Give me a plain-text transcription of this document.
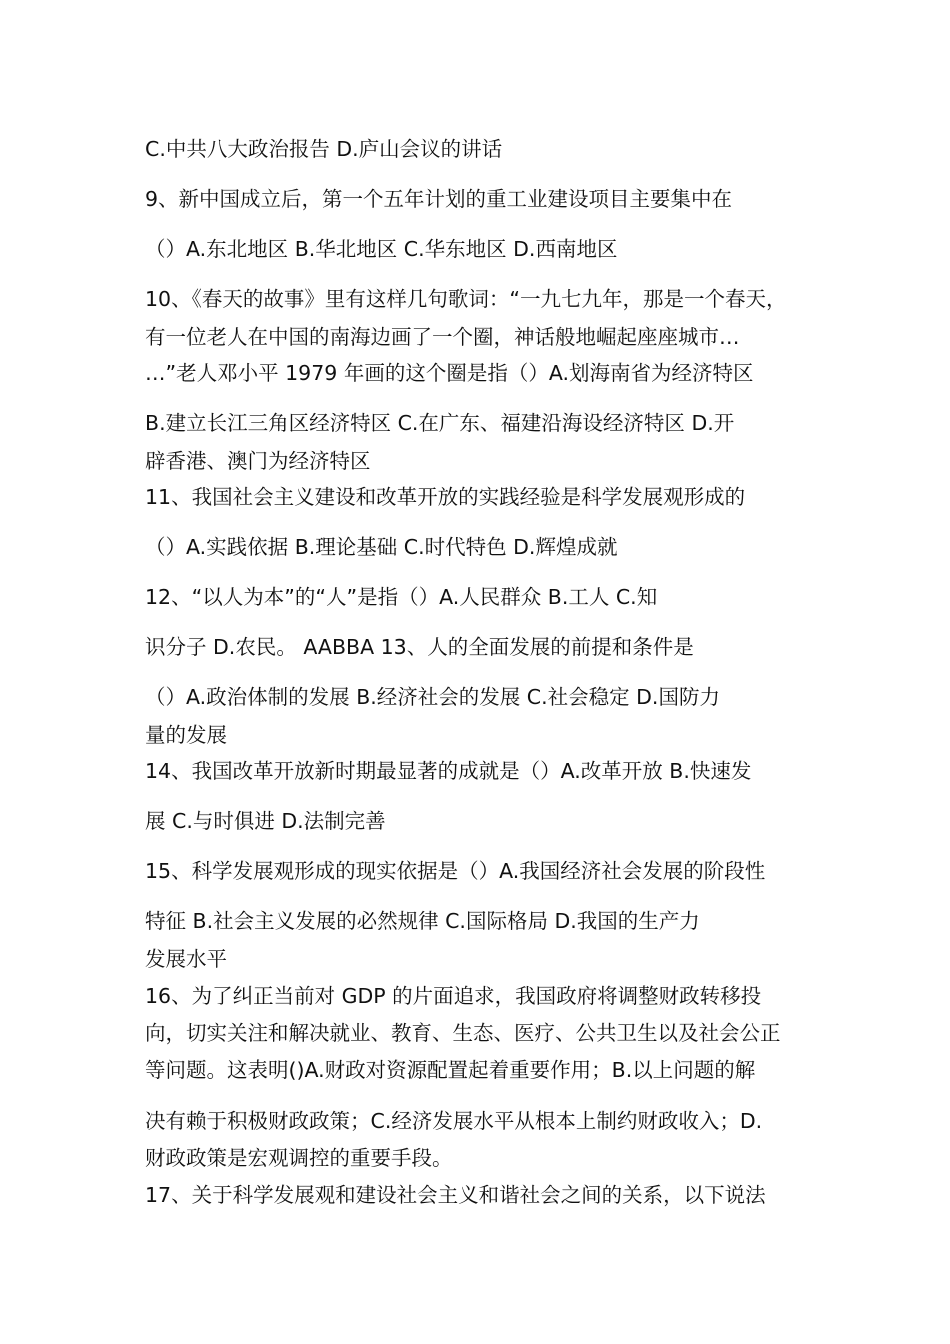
C.中共八大政治报告 D.庐山会议的讲话
9、新中国成立后，第一个五年计划的重工业建设项目主要集中在
（）A.东北地区 B.华北地区 C.华东地区 D.西南地区
10、《春天的故事》里有这样几句歌词：“一九七九年，那是一个春天，
有一位老人在中国的南海边画了一个圈，神话般地崛起座座城市…
…”老人邓小平 1979 年画的这个圈是指（）A.划海南省为经济特区
B.建立长江三角区经济特区 C.在广东、福建沿海设经济特区 D.开
辟香港、澳门为经济特区
11、我国社会主义建设和改革开放的实践经验是科学发展观形成的
（）A.实践依据 B.理论基础 C.时代特色 D.辉煌成就
12、“以人为本”的“人”是指（）A.人民群众 B.工人 C.知
识分子 D.农民。 AABBA 13、人的全面发展的前提和条件是
（）A.政治体制的发展 B.经济社会的发展 C.社会稳定 D.国防力
量的发展
14、我国改革开放新时期最显著的成就是（）A.改革开放 B.快速发
展 C.与时俱进 D.法制完善
15、科学发展观形成的现实依据是（）A.我国经济社会发展的阶段性
特征 B.社会主义发展的必然规律 C.国际格局 D.我国的生产力
发展水平
16、为了纠正当前对 GDP 的片面追求，我国政府将调整财政转移投
向，切实关注和解决就业、教育、生态、医疗、公共卫生以及社会公正
等问题。这表明()A.财政对资源配置起着重要作用；B.以上问题的解
决有赖于积极财政政策；C.经济发展水平从根本上制约财政收入；D.
财政政策是宏观调控的重要手段。
17、关于科学发展观和建设社会主义和谐社会之间的关系，以下说法
